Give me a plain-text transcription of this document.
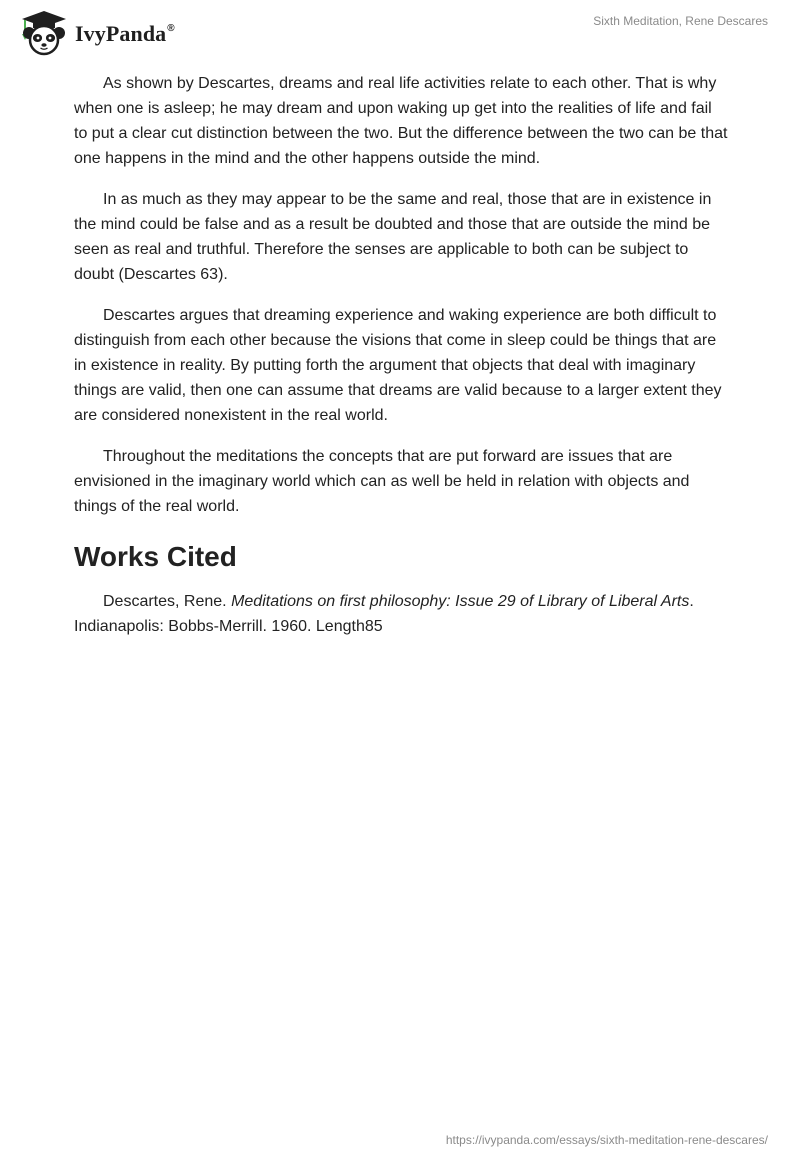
IvyPanda®
Sixth Meditation, Rene Descares

As shown by Descartes, dreams and real life activities relate to each other. That is why when one is asleep; he may dream and upon waking up get into the realities of life and fail to put a clear cut distinction between the two. But the difference between the two can be that one happens in the mind and the other happens outside the mind.

In as much as they may appear to be the same and real, those that are in existence in the mind could be false and as a result be doubted and those that are outside the mind be seen as real and truthful. Therefore the senses are applicable to both can be subject to doubt (Descartes 63).

Descartes argues that dreaming experience and waking experience are both difficult to distinguish from each other because the visions that come in sleep could be things that are in existence in reality. By putting forth the argument that objects that deal with imaginary things are valid, then one can assume that dreams are valid because to a larger extent they are considered nonexistent in the real world.

Throughout the meditations the concepts that are put forward are issues that are envisioned in the imaginary world which can as well be held in relation with objects and things of the real world.

Works Cited

Descartes, Rene. Meditations on first philosophy: Issue 29 of Library of Liberal Arts.
Indianapolis: Bobbs-Merrill. 1960. Length85

https://ivypanda.com/essays/sixth-meditation-rene-descares/
